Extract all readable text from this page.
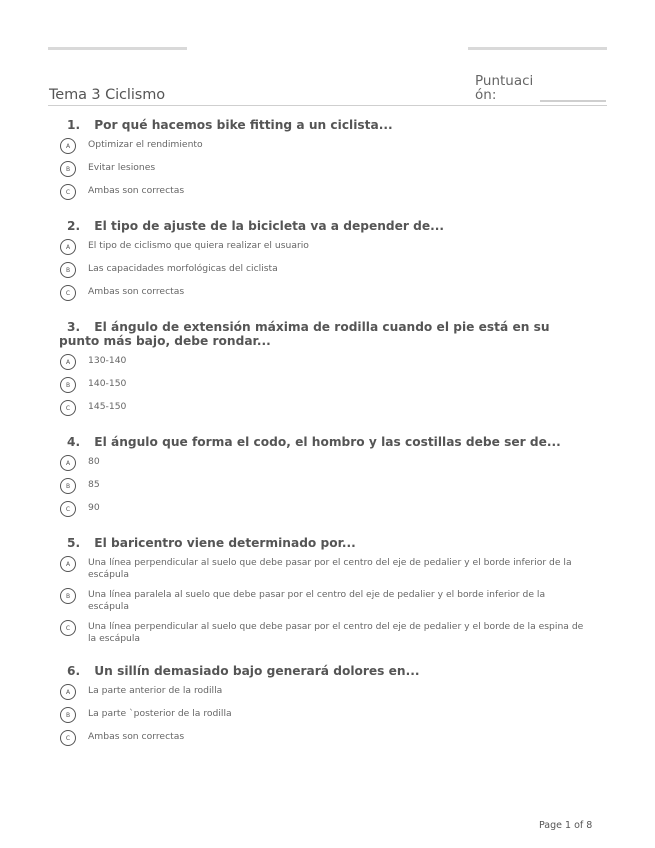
Tema 3 Ciclismo
Puntuación:
1. Por qué hacemos bike fitting a un ciclista...
A	Optimizar el rendimiento
B	Evitar lesiones
C	Ambas son correctas
2. El tipo de ajuste de la bicicleta va a depender de...
A	El tipo de ciclismo que quiera realizar el usuario
B	Las capacidades morfológicas del ciclista
C	Ambas son correctas
3. El ángulo de extensión máxima de rodilla cuando el pie está en su punto más bajo, debe rondar...
A	130-140
B	140-150
C	145-150
4. El ángulo que forma el codo, el hombro y las costillas debe ser de...
A	80
B	85
C	90
5. El baricentro viene determinado por...
A	Una línea perpendicular al suelo que debe pasar por el centro del eje de pedalier y el borde inferior de la escápula
B	Una línea paralela al suelo que debe pasar por el centro del eje de pedalier y el borde inferior de la escápula
C	Una línea perpendicular al suelo que debe pasar por el centro del eje de pedalier y el borde de la espina de la escápula
6. Un sillín demasiado bajo generará dolores en...
A	La parte anterior de la rodilla
B	La parte `posterior de la rodilla
C	Ambas son correctas
Page 1 of 8
